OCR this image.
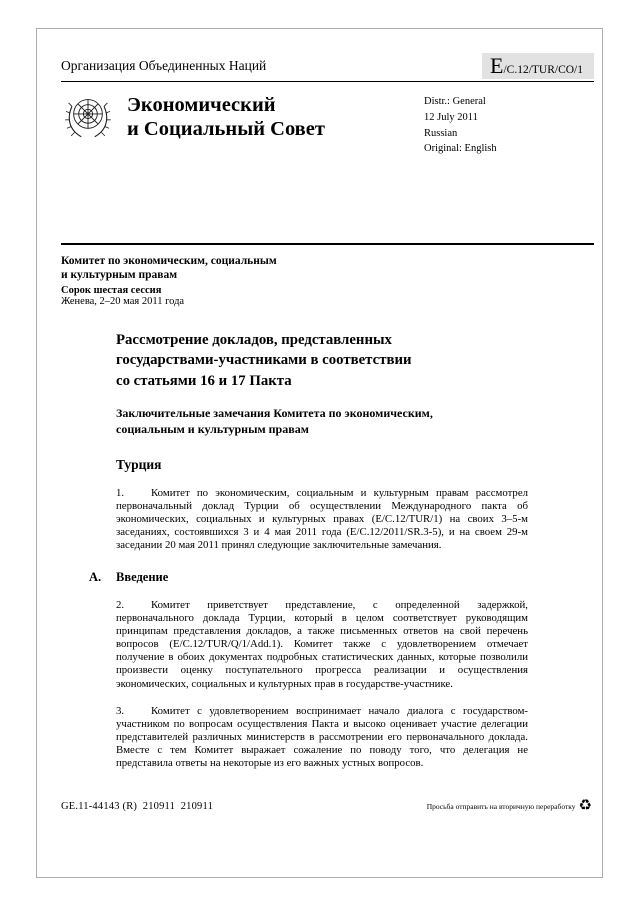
Организация Объединенных Наций	E /C.12/TUR/CO/1
Экономический
и Социальный Совет
Distr.: General
12 July 2011
Russian
Original: English
Комитет по экономическим, социальным
и культурным правам
Сорок шестая сессия
Женева, 2–20 мая 2011 года
Рассмотрение докладов, представленных
государствами-участниками в соответствии
со статьями 16 и 17 Пакта
Заключительные замечания Комитета по экономическим,
социальным и культурным правам
Турция

1. Комитет по экономическим, социальным и культурным правам рассмотрел первоначальный доклад Турции об осуществлении Международного пакта об экономических, социальных и культурных правах (E/C.12/TUR/1) на своих 3–5-м заседаниях, состоявшихся 3 и 4 мая 2011 года (E/C.12/2011/SR.3-5), и на своем 29-м заседании 20 мая 2011 принял следующие заключительные замечания.

A. Введение

2. Комитет приветствует представление, с определенной задержкой, первоначального доклада Турции, который в целом соответствует руководящим принципам представления докладов, а также письменных ответов на свой перечень вопросов (E/C.12/TUR/Q/1/Add.1). Комитет также с удовлетворением отмечает получение в обоих документах подробных статистических данных, которые позволили произвести оценку поступательного прогресса реализации и осуществления экономических, социальных и культурных прав в государстве-участнике.

3. Комитет с удовлетворением воспринимает начало диалога с государством-участником по вопросам осуществления Пакта и высоко оценивает участие делегации представителей различных министерств в рассмотрении его первоначального доклада. Вместе с тем Комитет выражает сожаление по поводу того, что делегация не представила ответы на некоторые из его важных устных вопросов.

GE.11-44143 (R)  210911  210911	Просьба отправить на вторичную переработку ♻
